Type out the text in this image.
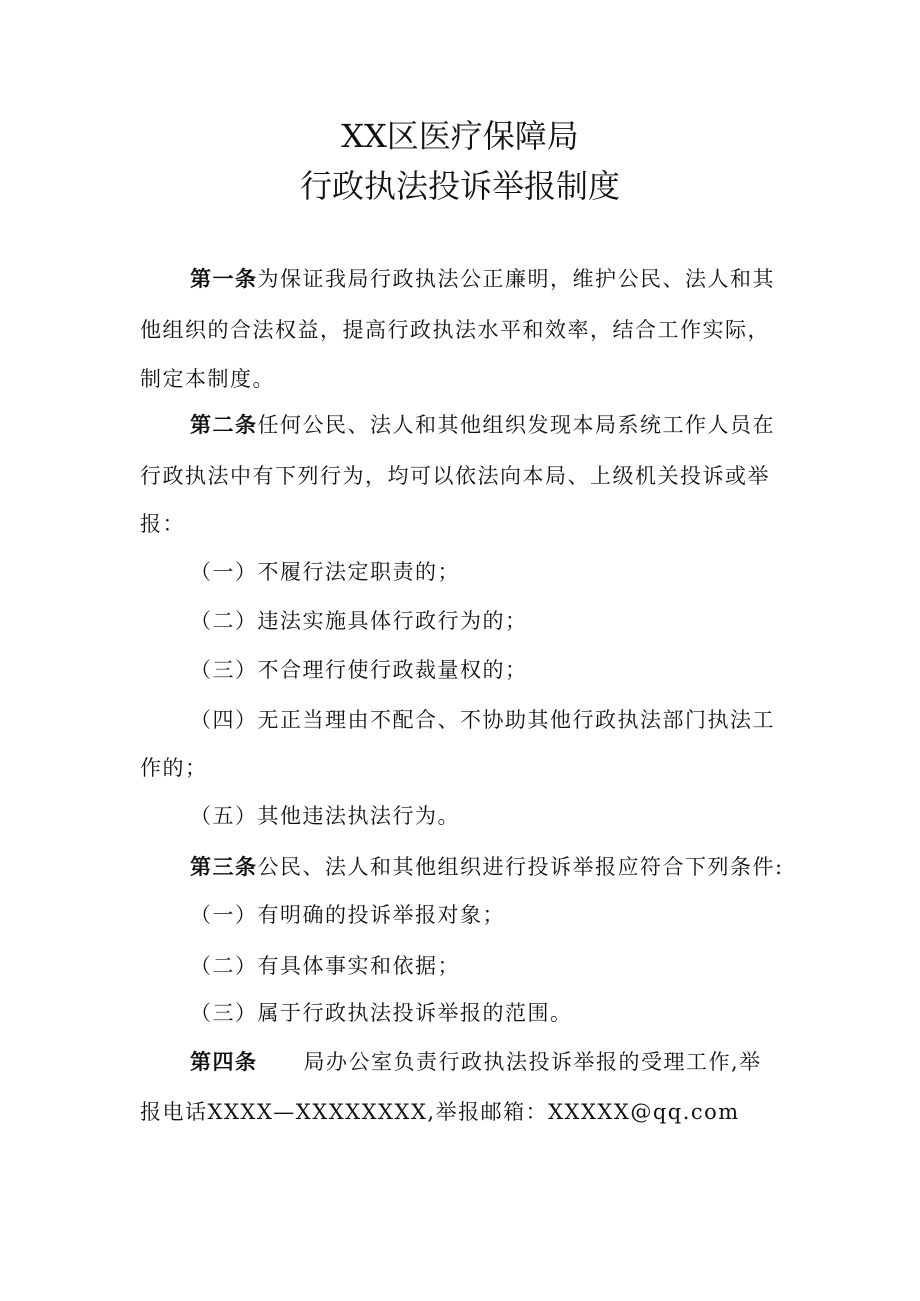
XX区医疗保障局
行政执法投诉举报制度
第一条为保证我局行政执法公正廉明，维护公民、法人和其
他组织的合法权益，提高行政执法水平和效率，结合工作实际，
制定本制度。
第二条任何公民、法人和其他组织发现本局系统工作人员在
行政执法中有下列行为，均可以依法向本局、上级机关投诉或举
报：
（一）不履行法定职责的；
（二）违法实施具体行政行为的；
（三）不合理行使行政裁量权的；
（四）无正当理由不配合、不协助其他行政执法部门执法工
作的；
（五）其他违法执法行为。
第三条公民、法人和其他组织进行投诉举报应符合下列条件:
（一）有明确的投诉举报对象；
（二）有具体事实和依据；
（三）属于行政执法投诉举报的范围。
第四条 局办公室负责行政执法投诉举报的受理工作,举
报电话XXXX—XXXXXXXX,举报邮箱：XXXXX@qq.com
